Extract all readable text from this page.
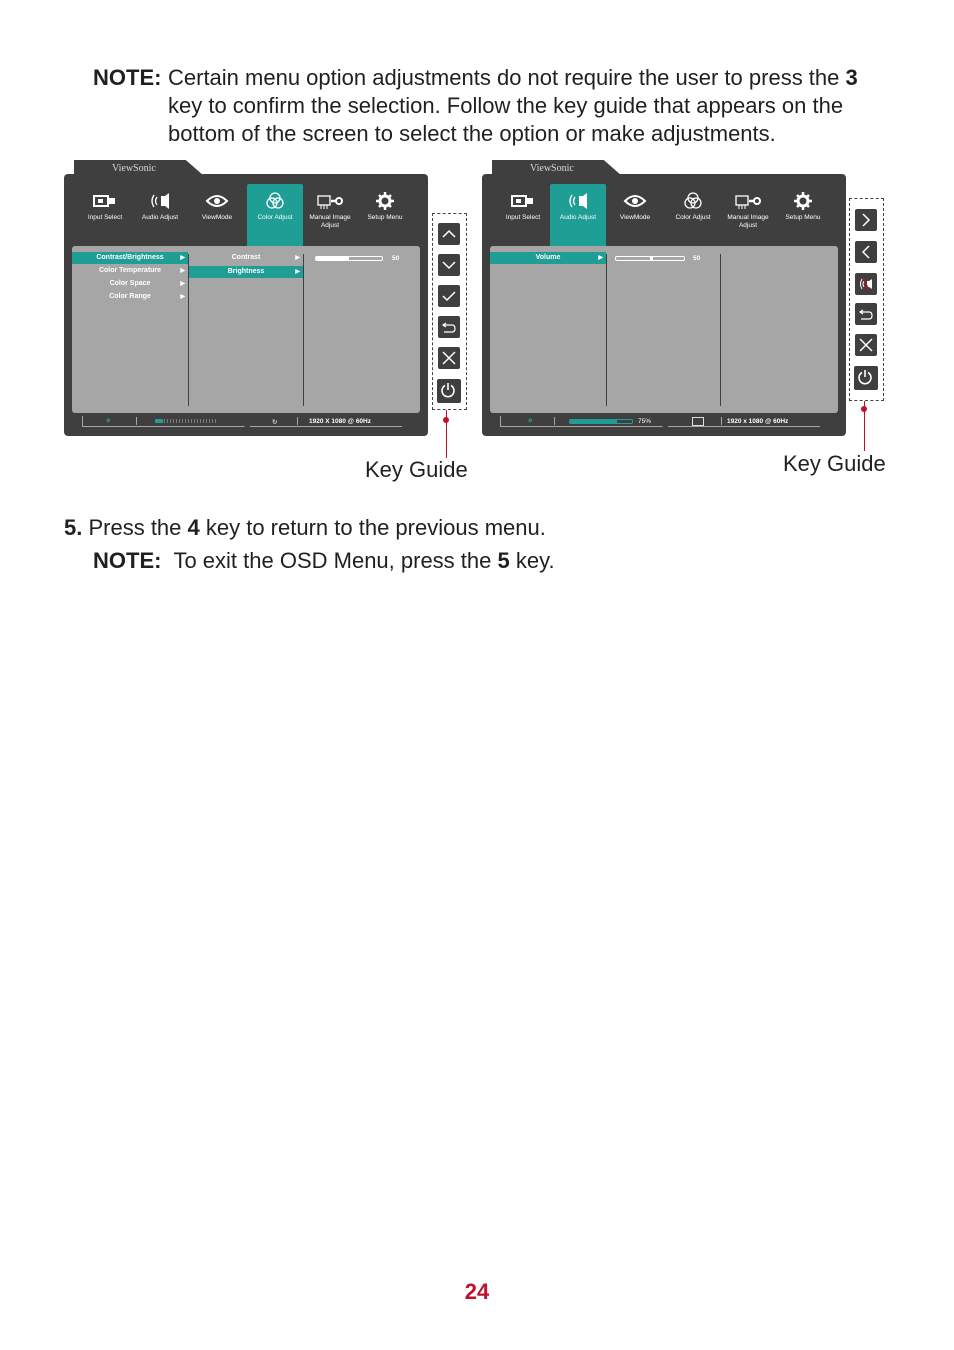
NOTE: Certain menu option adjustments do not require the user to press the 3 key to confirm the selection. Follow the key guide that appears on the bottom of the screen to select the option or make adjustments.
ViewSonic
Input Select	Audio Adjust	ViewMode	Color Adjust	Manual Image Adjust
Setup Menu
50
Contrast/Brightness	▶
Color Temperature	▶
Color Space	▶
Color Range	▶
Contrast	▶
Brightness	▶
♻	↻	1920 X 1080 @ 60Hz
Key Guide
ViewSonic
Input Select	Audio Adjust	ViewMode	Color Adjust	Manual Image Adjust
Setup Menu
50
Volume	▶
♻	75%	1920 x 1080 @ 60Hz
Key Guide
5. Press the 4 key to return to the previous menu.
NOTE: To exit the OSD Menu, press the 5 key.
24
